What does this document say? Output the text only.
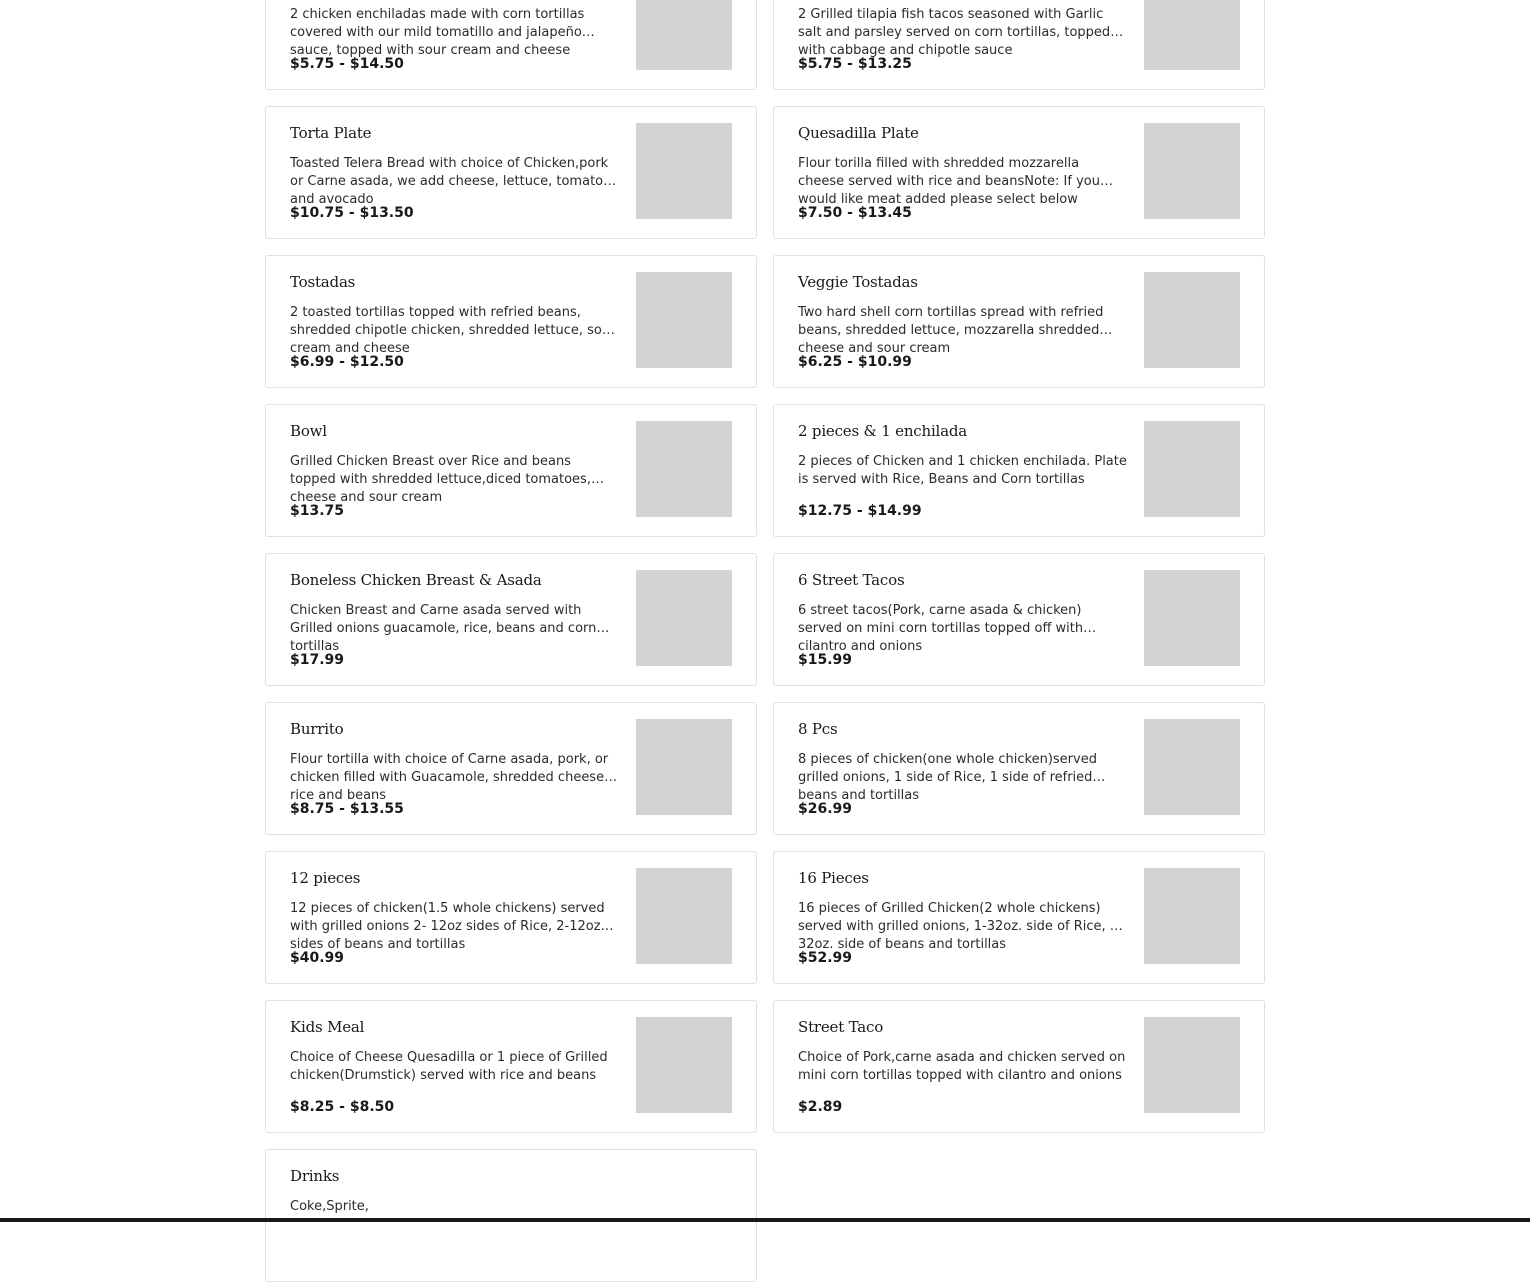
2 chicken enchiladas made with corn tortillas covered with our mild tomatillo and jalapeño sauce, topped with sour cream and cheese
$5.75 - $14.50
2 Grilled tilapia fish tacos seasoned with Garlic salt and parsley served on corn tortillas, topped with cabbage and chipotle sauce
$5.75 - $13.25
Torta Plate
Toasted Telera Bread with choice of Chicken,pork or Carne asada, we add cheese, lettuce, tomato and avocado
$10.75 - $13.50
Quesadilla Plate
Flour torilla filled with shredded mozzarella cheese served with rice and beansNote: If you would like meat added please select below
$7.50 - $13.45
Tostadas
2 toasted tortillas topped with refried beans, shredded chipotle chicken, shredded lettuce, sour cream and cheese
$6.99 - $12.50
Veggie Tostadas
Two hard shell corn tortillas spread with refried beans, shredded lettuce, mozzarella shredded cheese and sour cream
$6.25 - $10.99
Bowl
Grilled Chicken Breast over Rice and beans topped with shredded lettuce,diced tomatoes, cheese and sour cream
$13.75
2 pieces & 1 enchilada
2 pieces of Chicken and 1 chicken enchilada. Plate is served with Rice, Beans and Corn tortillas
$12.75 - $14.99
Boneless Chicken Breast & Asada
Chicken Breast and Carne asada served with Grilled onions guacamole, rice, beans and corn tortillas
$17.99
6 Street Tacos
6 street tacos(Pork, carne asada & chicken) served on mini corn tortillas topped off with cilantro and onions
$15.99
Burrito
Flour tortilla with choice of Carne asada, pork, or chicken filled with Guacamole, shredded cheese, rice and beans
$8.75 - $13.55
8 Pcs
8 pieces of chicken(one whole chicken)served grilled onions, 1 side of Rice, 1 side of refried beans and tortillas
$26.99
12 pieces
12 pieces of chicken(1.5 whole chickens) served with grilled onions 2- 12oz sides of Rice, 2-12oz sides of beans and tortillas
$40.99
16 Pieces
16 pieces of Grilled Chicken(2 whole chickens) served with grilled onions, 1-32oz. side of Rice, 1-32oz. side of beans and tortillas
$52.99
Kids Meal
Choice of Cheese Quesadilla or 1 piece of Grilled chicken(Drumstick) served with rice and beans
$8.25 - $8.50
Street Taco
Choice of Pork,carne asada and chicken served on mini corn tortillas topped with cilantro and onions
$2.89
Drinks
Coke,Sprite,
